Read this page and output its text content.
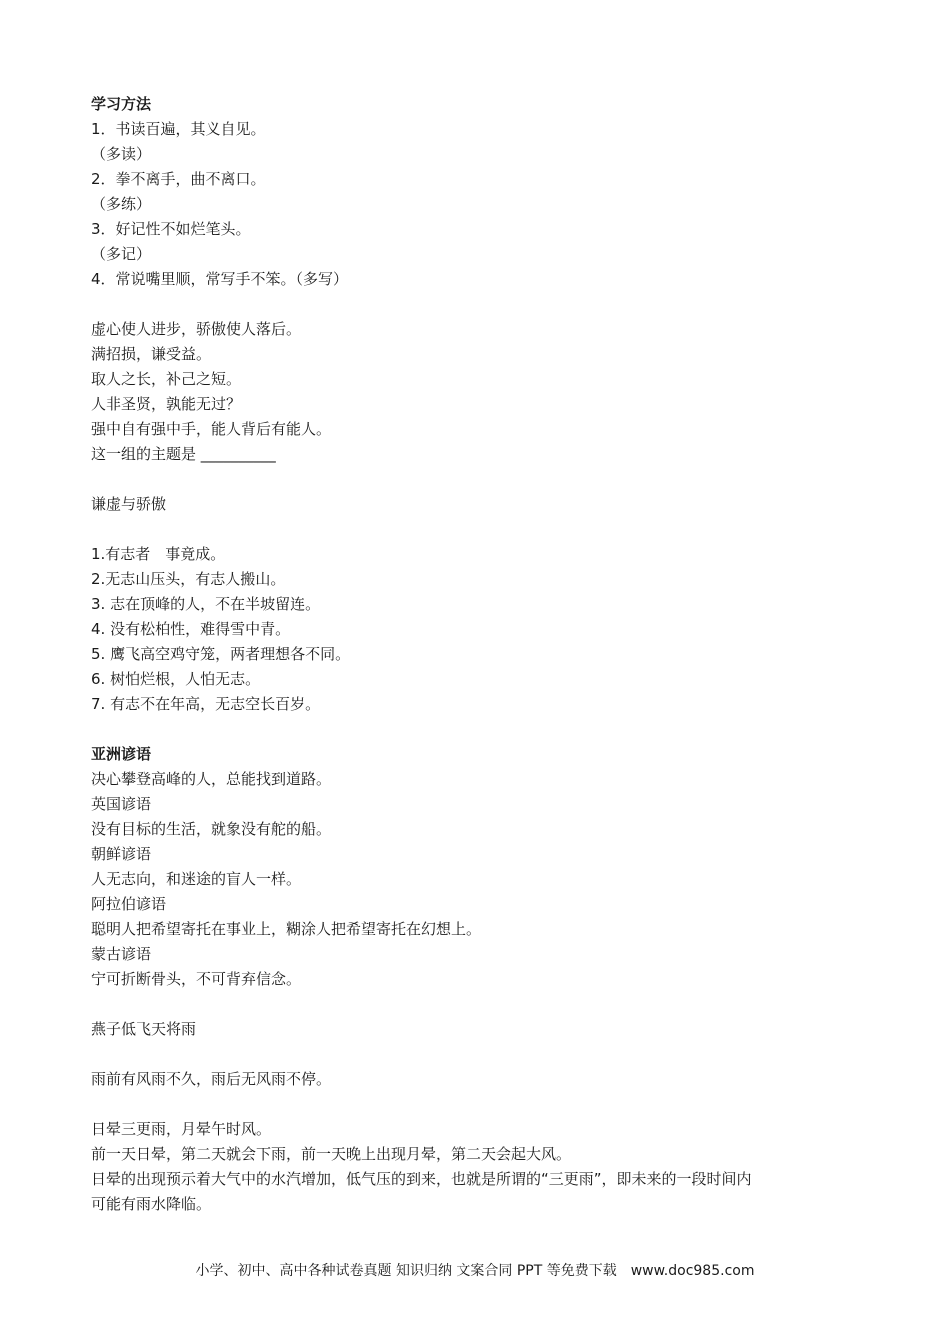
学习方法
1．书读百遍，其义自见。
（多读）
2．拳不离手，曲不离口。
（多练）
3．好记性不如烂笔头。
（多记）
4．常说嘴里顺，常写手不笨。（多写）
虚心使人进步，骄傲使人落后。
满招损，谦受益。
取人之长，补己之短。
人非圣贤，孰能无过？
强中自有强中手，能人背后有能人。
这一组的主题是 __________
谦虚与骄傲
1.有志者　事竟成。
2.无志山压头，有志人搬山。
3. 志在顶峰的人，不在半坡留连。
4. 没有松柏性，难得雪中青。
5. 鹰飞高空鸡守笼，两者理想各不同。
6. 树怕烂根，人怕无志。
7. 有志不在年高，无志空长百岁。
亚洲谚语
决心攀登高峰的人，总能找到道路。
英国谚语
没有目标的生活，就象没有舵的船。
朝鲜谚语
人无志向，和迷途的盲人一样。
阿拉伯谚语
聪明人把希望寄托在事业上，糊涂人把希望寄托在幻想上。
蒙古谚语
宁可折断骨头，不可背弃信念。
燕子低飞天将雨
雨前有风雨不久，雨后无风雨不停。
日晕三更雨，月晕午时风。
前一天日晕，第二天就会下雨，前一天晚上出现月晕，第二天会起大风。
日晕的出现预示着大气中的水汽增加，低气压的到来，也就是所谓的“三更雨”，即未来的一段时间内
可能有雨水降临。
小学、初中、高中各种试卷真题 知识归纳 文案合同 PPT 等免费下载　www.doc985.com
